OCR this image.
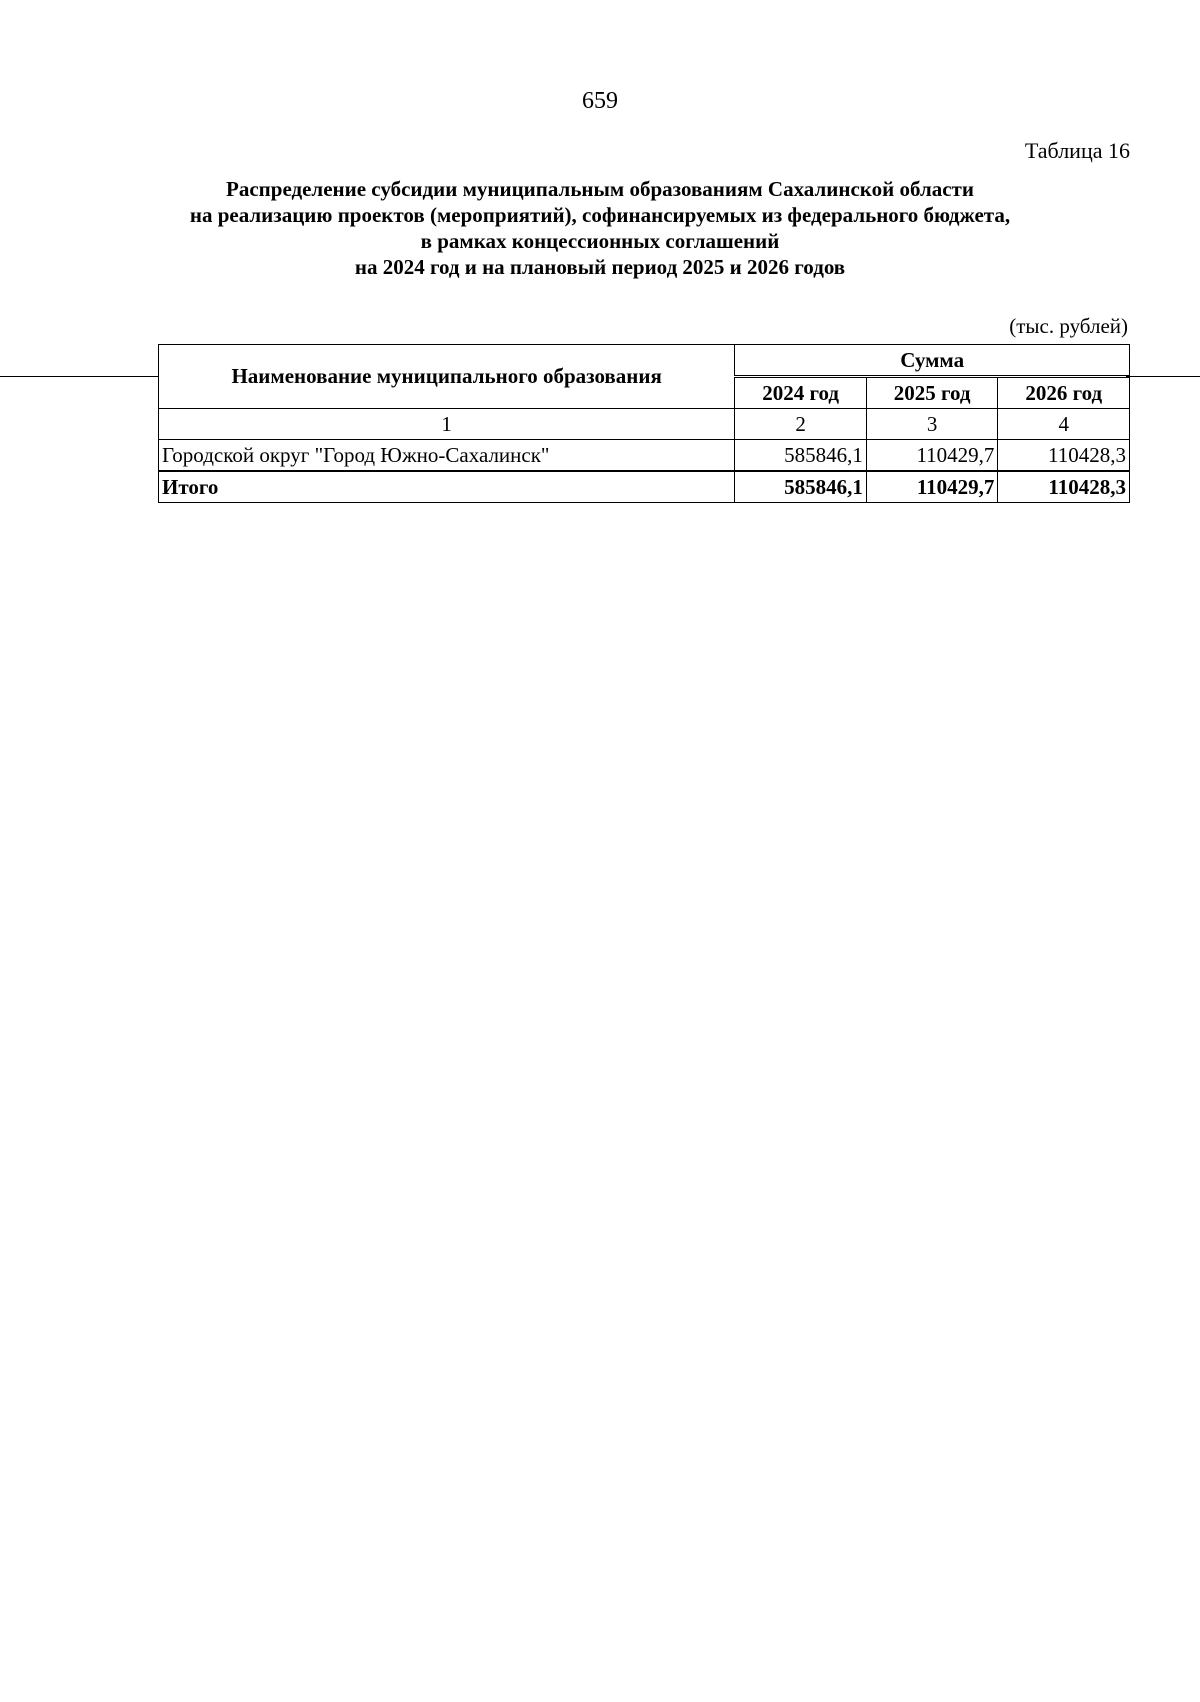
659
Таблица 16
Распределение субсидии муниципальным образованиям Сахалинской области
на реализацию проектов (мероприятий), софинансируемых из федерального бюджета,
в рамках концессионных соглашений
на 2024 год и на плановый период 2025 и 2026 годов
(тыс. рублей)
Наименование муниципального образования	Сумма		
	2024 год	2025 год	2026 год
1	2	3	4
Городской округ "Город Южно-Сахалинск"	585846,1	110429,7	110428,3
Итого	585846,1	110429,7	110428,3
